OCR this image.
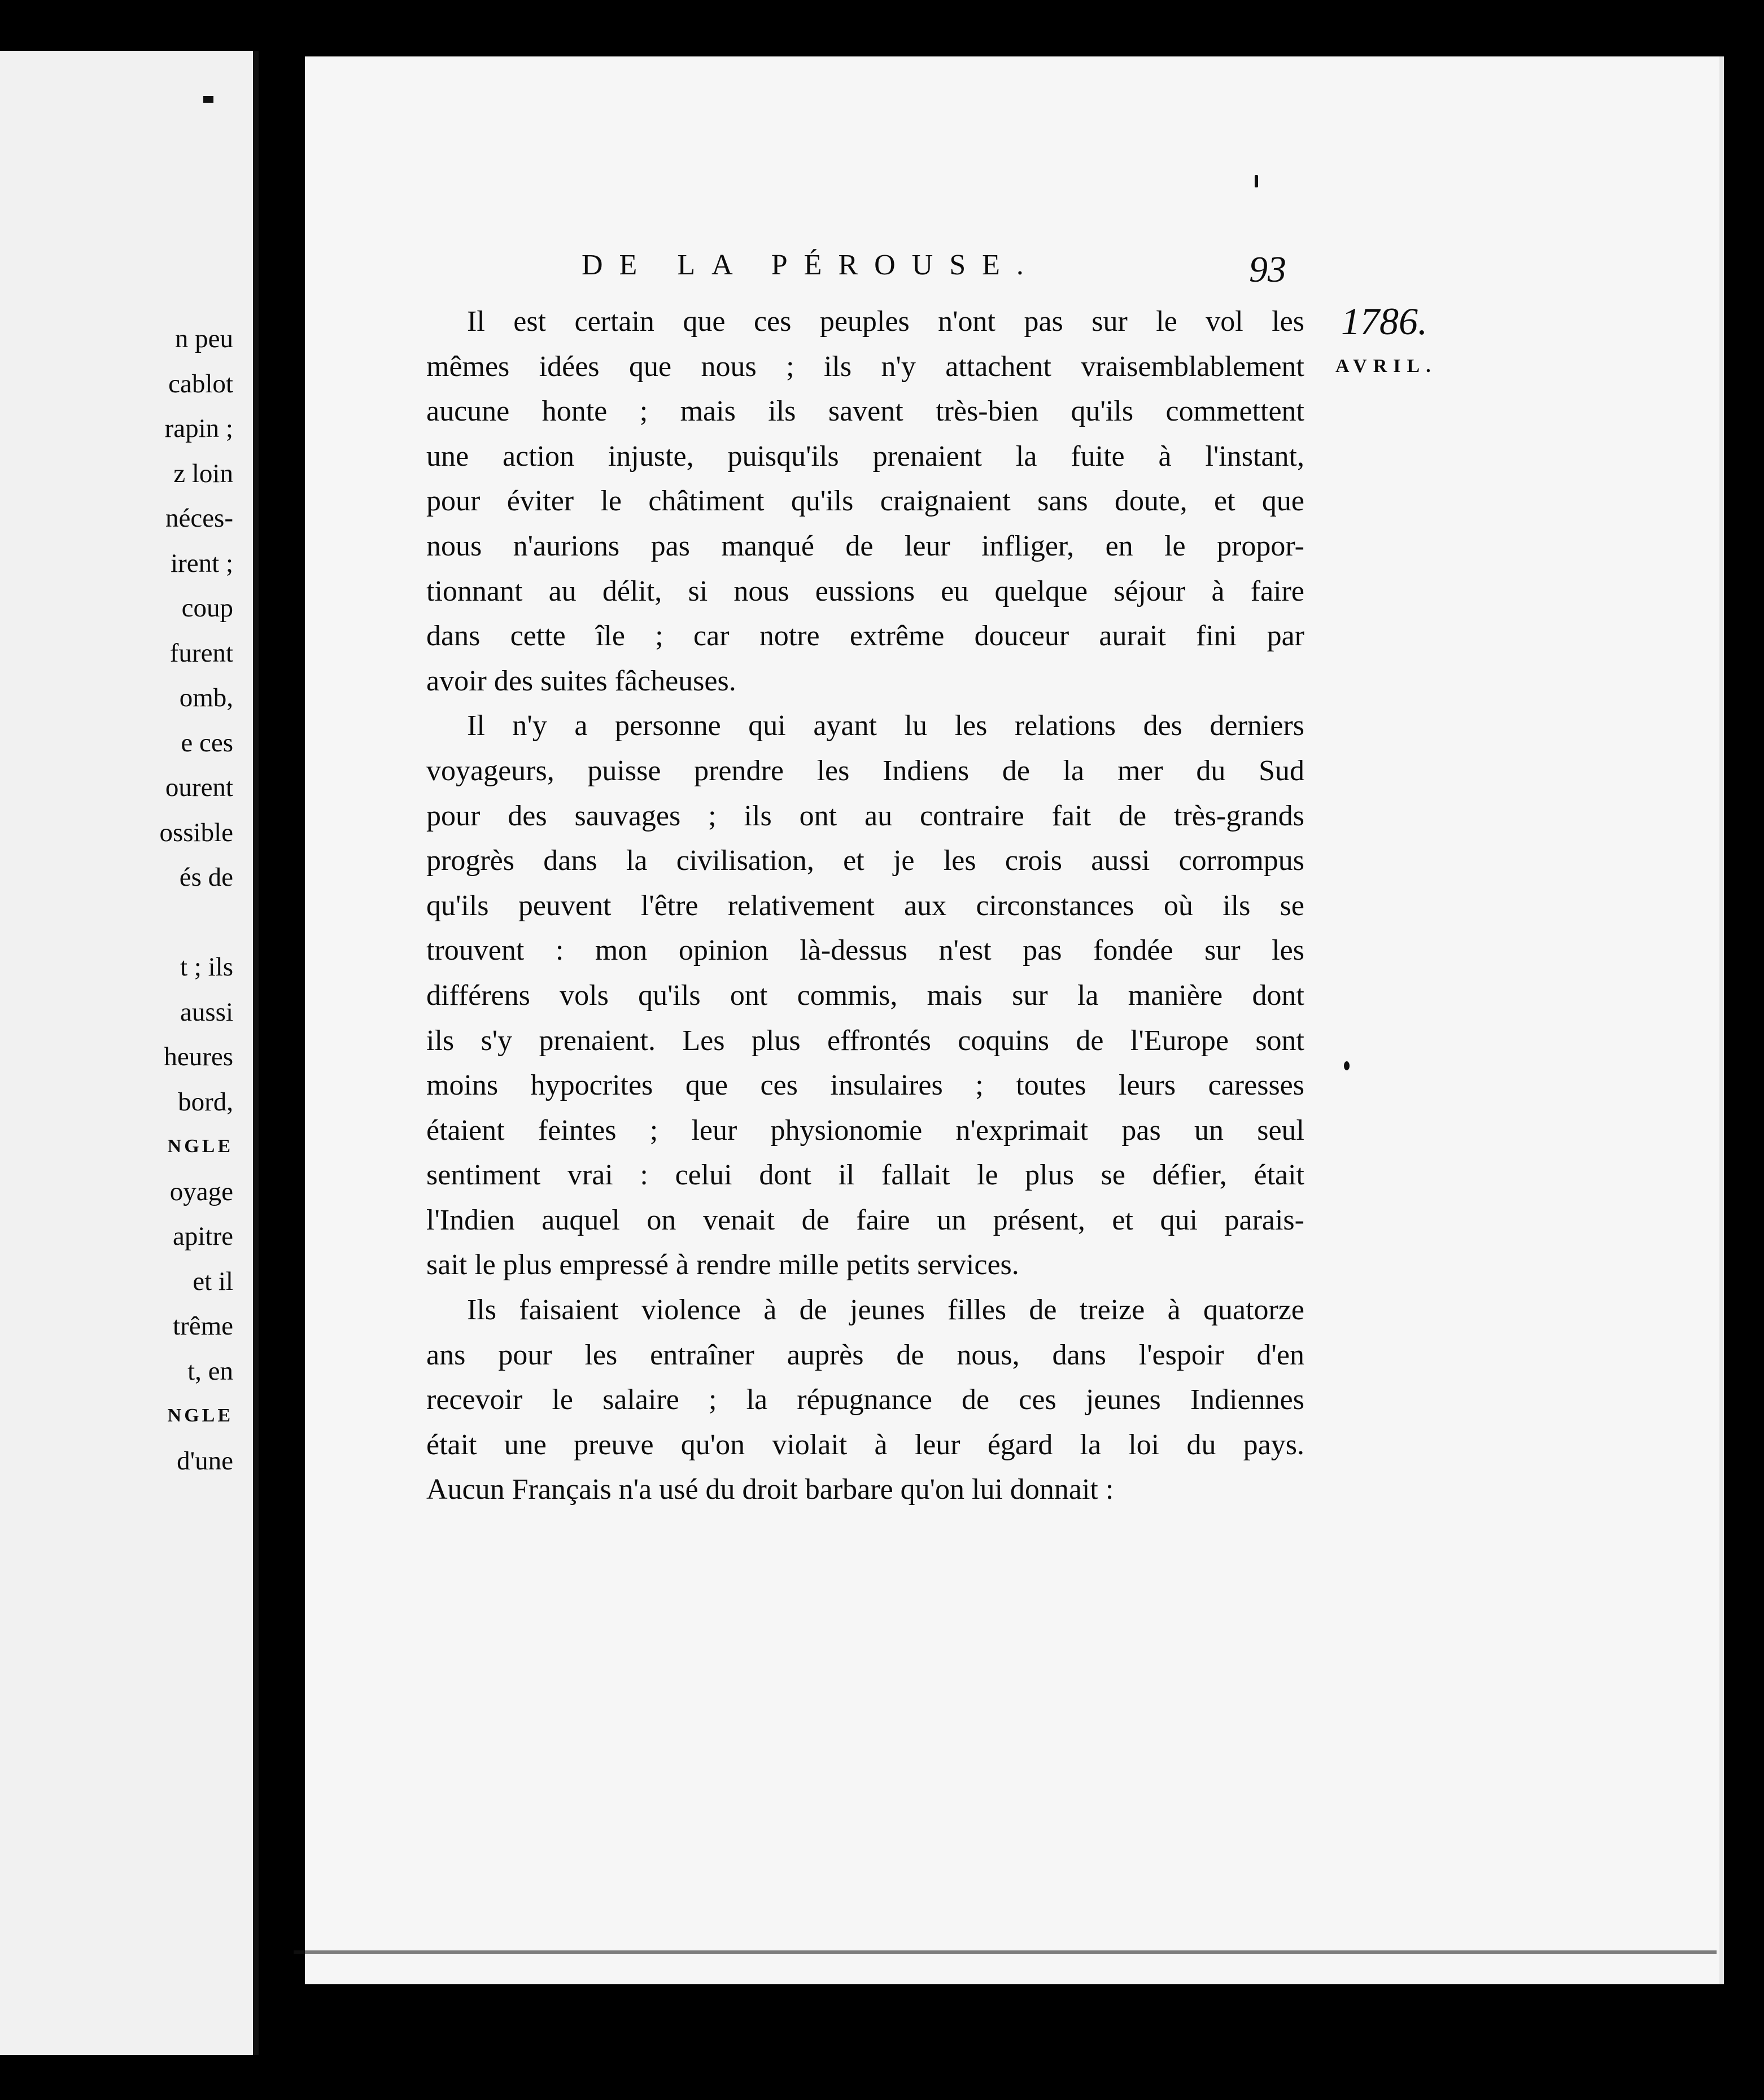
n peu
cablot
rapin ;
z loin
néces-
irent ;
coup
furent
omb,
e ces
ourent
ossible
és de
t ; ils
aussi
heures
bord,
NGLE
oyage
apitre
et il
trême
t, en
NGLE
d'une
DE LA PÉROUSE.	93
1786.
AVRIL.
Il est certain que ces peuples n'ont pas sur le vol les
mêmes idées que nous ; ils n'y attachent vraisemblablement
aucune honte ; mais ils savent très-bien qu'ils commettent
une action injuste, puisqu'ils prenaient la fuite à l'instant,
pour éviter le châtiment qu'ils craignaient sans doute, et que
nous n'aurions pas manqué de leur infliger, en le propor-
tionnant au délit, si nous eussions eu quelque séjour à faire
dans cette île ; car notre extrême douceur aurait fini par
avoir des suites fâcheuses.
Il n'y a personne qui ayant lu les relations des derniers
voyageurs, puisse prendre les Indiens de la mer du Sud
pour des sauvages ; ils ont au contraire fait de très-grands
progrès dans la civilisation, et je les crois aussi corrompus
qu'ils peuvent l'être relativement aux circonstances où ils se
trouvent : mon opinion là-dessus n'est pas fondée sur les
différens vols qu'ils ont commis, mais sur la manière dont
ils s'y prenaient. Les plus effrontés coquins de l'Europe sont
moins hypocrites que ces insulaires ; toutes leurs caresses
étaient feintes ; leur physionomie n'exprimait pas un seul
sentiment vrai : celui dont il fallait le plus se défier, était
l'Indien auquel on venait de faire un présent, et qui parais-
sait le plus empressé à rendre mille petits services.
Ils faisaient violence à de jeunes filles de treize à quatorze
ans pour les entraîner auprès de nous, dans l'espoir d'en
recevoir le salaire ; la répugnance de ces jeunes Indiennes
était une preuve qu'on violait à leur égard la loi du pays.
Aucun Français n'a usé du droit barbare qu'on lui donnait :
